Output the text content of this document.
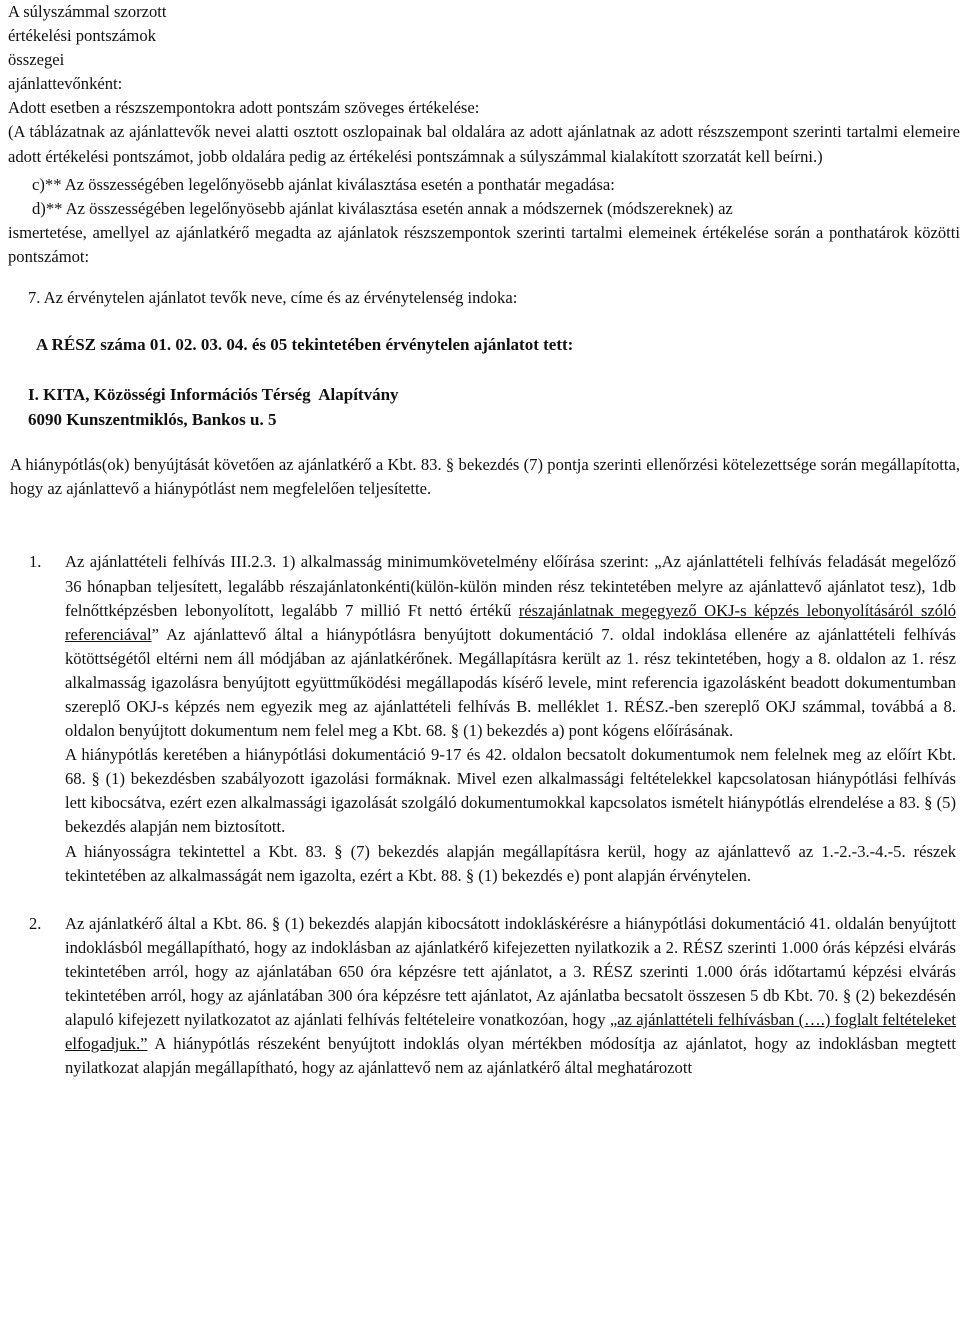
A súlyszámmal szorzott
értékelési pontszámok
összegei
ajánlattevőnként:
Adott esetben a részszempontokra adott pontszám szöveges értékelése:
(A táblázatnak az ajánlattevők nevei alatti osztott oszlopainak bal oldalára az adott ajánlatnak az adott részszempont szerinti tartalmi elemeire adott értékelési pontszámot, jobb oldalára pedig az értékelési pontszámnak a súlyszámmal kialakított szorzatát kell beírni.)
c)** Az összességében legelőnyösebb ajánlat kiválasztása esetén a ponthatár megadása:
d)** Az összességében legelőnyösebb ajánlat kiválasztása esetén annak a módszernek (módszereknek) az
ismertetése, amellyel az ajánlatkérő megadta az ajánlatok részszempontok szerinti tartalmi elemeinek értékelése során a ponthatárok közötti pontszámot:
7. Az érvénytelen ajánlatot tevők neve, címe és az érvénytelenség indoka:
A RÉSZ száma 01. 02. 03. 04. és 05 tekintetében érvénytelen ajánlatot tett:
I. KITA, Közösségi Információs Térség  Alapítvány
6090 Kunszentmiklós, Bankos u. 5
A hiánypótlás(ok) benyújtását követően az ajánlatkérő a Kbt. 83. § bekezdés (7) pontja szerinti ellenőrzési kötelezettsége során megállapította, hogy az ajánlattevő a hiánypótlást nem megfelelően teljesítette.
1. Az ajánlattételi felhívás III.2.3. 1) alkalmasság minimumkövetelmény előírása szerint: „Az ajánlattételi felhívás feladását megelőző 36 hónapban teljesített, legalább részajánlatonkénti(külön-külön minden rész tekintetében melyre az ajánlattevő ajánlatot tesz), 1db felnőttképzésben lebonyolított, legalább 7 millió Ft nettó értékű részajánlatnak megegyező OKJ-s képzés lebonyolításáról szóló referenciával” Az ajánlattevő által a hiánypótlásra benyújtott dokumentáció 7. oldal indoklása ellenére az ajánlattételi felhívás kötöttségétől eltérni nem áll módjában az ajánlatkérőnek. Megállapításra került az 1. rész tekintetében, hogy a 8. oldalon az 1. rész alkalmasság igazolásra benyújtott együttműködési megállapodás kísérő levele, mint referencia igazolásként beadott dokumentumban szereplő OKJ-s képzés nem egyezik meg az ajánlattételi felhívás B. melléklet 1. RÉSZ.-ben szereplő OKJ számmal, továbbá a 8. oldalon benyújtott dokumentum nem felel meg a Kbt. 68. § (1) bekezdés a) pont kógens előírásának.
A hiánypótlás keretében a hiánypótlási dokumentáció 9-17 és 42. oldalon becsatolt dokumentumok nem felelnek meg az előírt Kbt. 68. § (1) bekezdésben szabályozott igazolási formáknak. Mivel ezen alkalmassági feltételekkel kapcsolatosan hiánypótlási felhívás lett kibocsátva, ezért ezen alkalmassági igazolását szolgáló dokumentumokkal kapcsolatos ismételt hiánypótlás elrendelése a 83. § (5) bekezdés alapján nem biztosított.
A hiányosságra tekintettel a Kbt. 83. § (7) bekezdés alapján megállapításra kerül, hogy az ajánlattevő az 1.-2.-3.-4.-5. részek tekintetében az alkalmasságát nem igazolta, ezért a Kbt. 88. § (1) bekezdés e) pont alapján érvénytelen.
2. Az ajánlatkérő által a Kbt. 86. § (1) bekezdés alapján kibocsátott indokláskérésre a hiánypótlási dokumentáció 41. oldalán benyújtott indoklásból megállapítható, hogy az indoklásban az ajánlatkérő kifejezetten nyilatkozik a 2. RÉSZ szerinti 1.000 órás képzési elvárás tekintetében arról, hogy az ajánlatában 650 óra képzésre tett ajánlatot, a 3. RÉSZ szerinti 1.000 órás időtartamú képzési elvárás tekintetében arról, hogy az ajánlatában 300 óra képzésre tett ajánlatot, Az ajánlatba becsatolt összesen 5 db Kbt. 70. § (2) bekezdésén alapuló kifejezett nyilatkozatot az ajánlati felhívás feltételeire vonatkozóan, hogy „az ajánlattételi felhívásban (….) foglalt feltételeket elfogadjuk.” A hiánypótlás részeként benyújtott indoklás olyan mértékben módosítja az ajánlatot, hogy az indoklásban megtett nyilatkozat alapján megállapítható, hogy az ajánlattevő nem az ajánlatkérő által meghatározott
